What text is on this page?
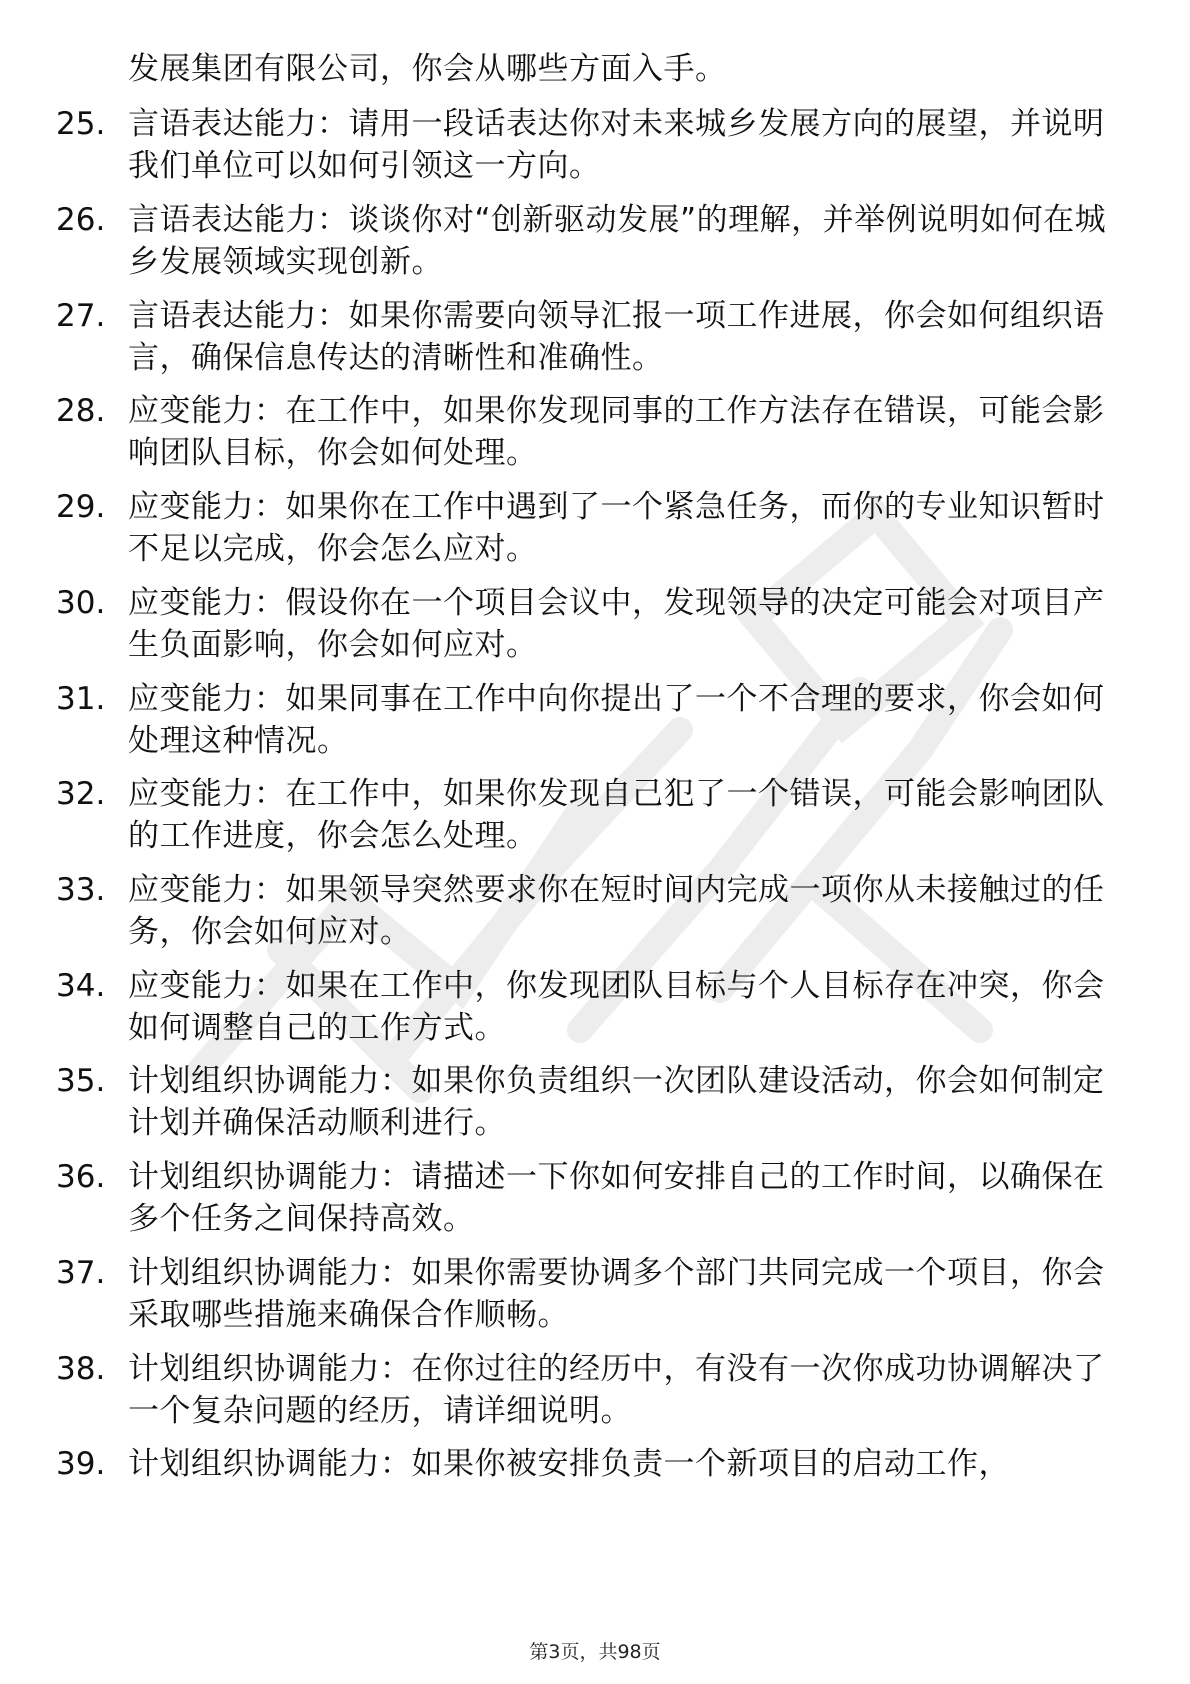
发展集团有限公司，你会从哪些方面入手。
25. 言语表达能力：请用一段话表达你对未来城乡发展方向的展望，并说明我们单位可以如何引领这一方向。
26. 言语表达能力：谈谈你对“创新驱动发展”的理解，并举例说明如何在城乡发展领域实现创新。
27. 言语表达能力：如果你需要向领导汇报一项工作进展，你会如何组织语言，确保信息传达的清晰性和准确性。
28. 应变能力：在工作中，如果你发现同事的工作方法存在错误，可能会影响团队目标，你会如何处理。
29. 应变能力：如果你在工作中遇到了一个紧急任务，而你的专业知识暂时不足以完成，你会怎么应对。
30. 应变能力：假设你在一个项目会议中，发现领导的决定可能会对项目产生负面影响，你会如何应对。
31. 应变能力：如果同事在工作中向你提出了一个不合理的要求，你会如何处理这种情况。
32. 应变能力：在工作中，如果你发现自己犯了一个错误，可能会影响团队的工作进度，你会怎么处理。
33. 应变能力：如果领导突然要求你在短时间内完成一项你从未接触过的任务，你会如何应对。
34. 应变能力：如果在工作中，你发现团队目标与个人目标存在冲突，你会如何调整自己的工作方式。
35. 计划组织协调能力：如果你负责组织一次团队建设活动，你会如何制定计划并确保活动顺利进行。
36. 计划组织协调能力：请描述一下你如何安排自己的工作时间，以确保在多个任务之间保持高效。
37. 计划组织协调能力：如果你需要协调多个部门共同完成一个项目，你会采取哪些措施来确保合作顺畅。
38. 计划组织协调能力：在你过往的经历中，有没有一次你成功协调解决了一个复杂问题的经历，请详细说明。
39. 计划组织协调能力：如果你被安排负责一个新项目的启动工作，
第3页，共98页
